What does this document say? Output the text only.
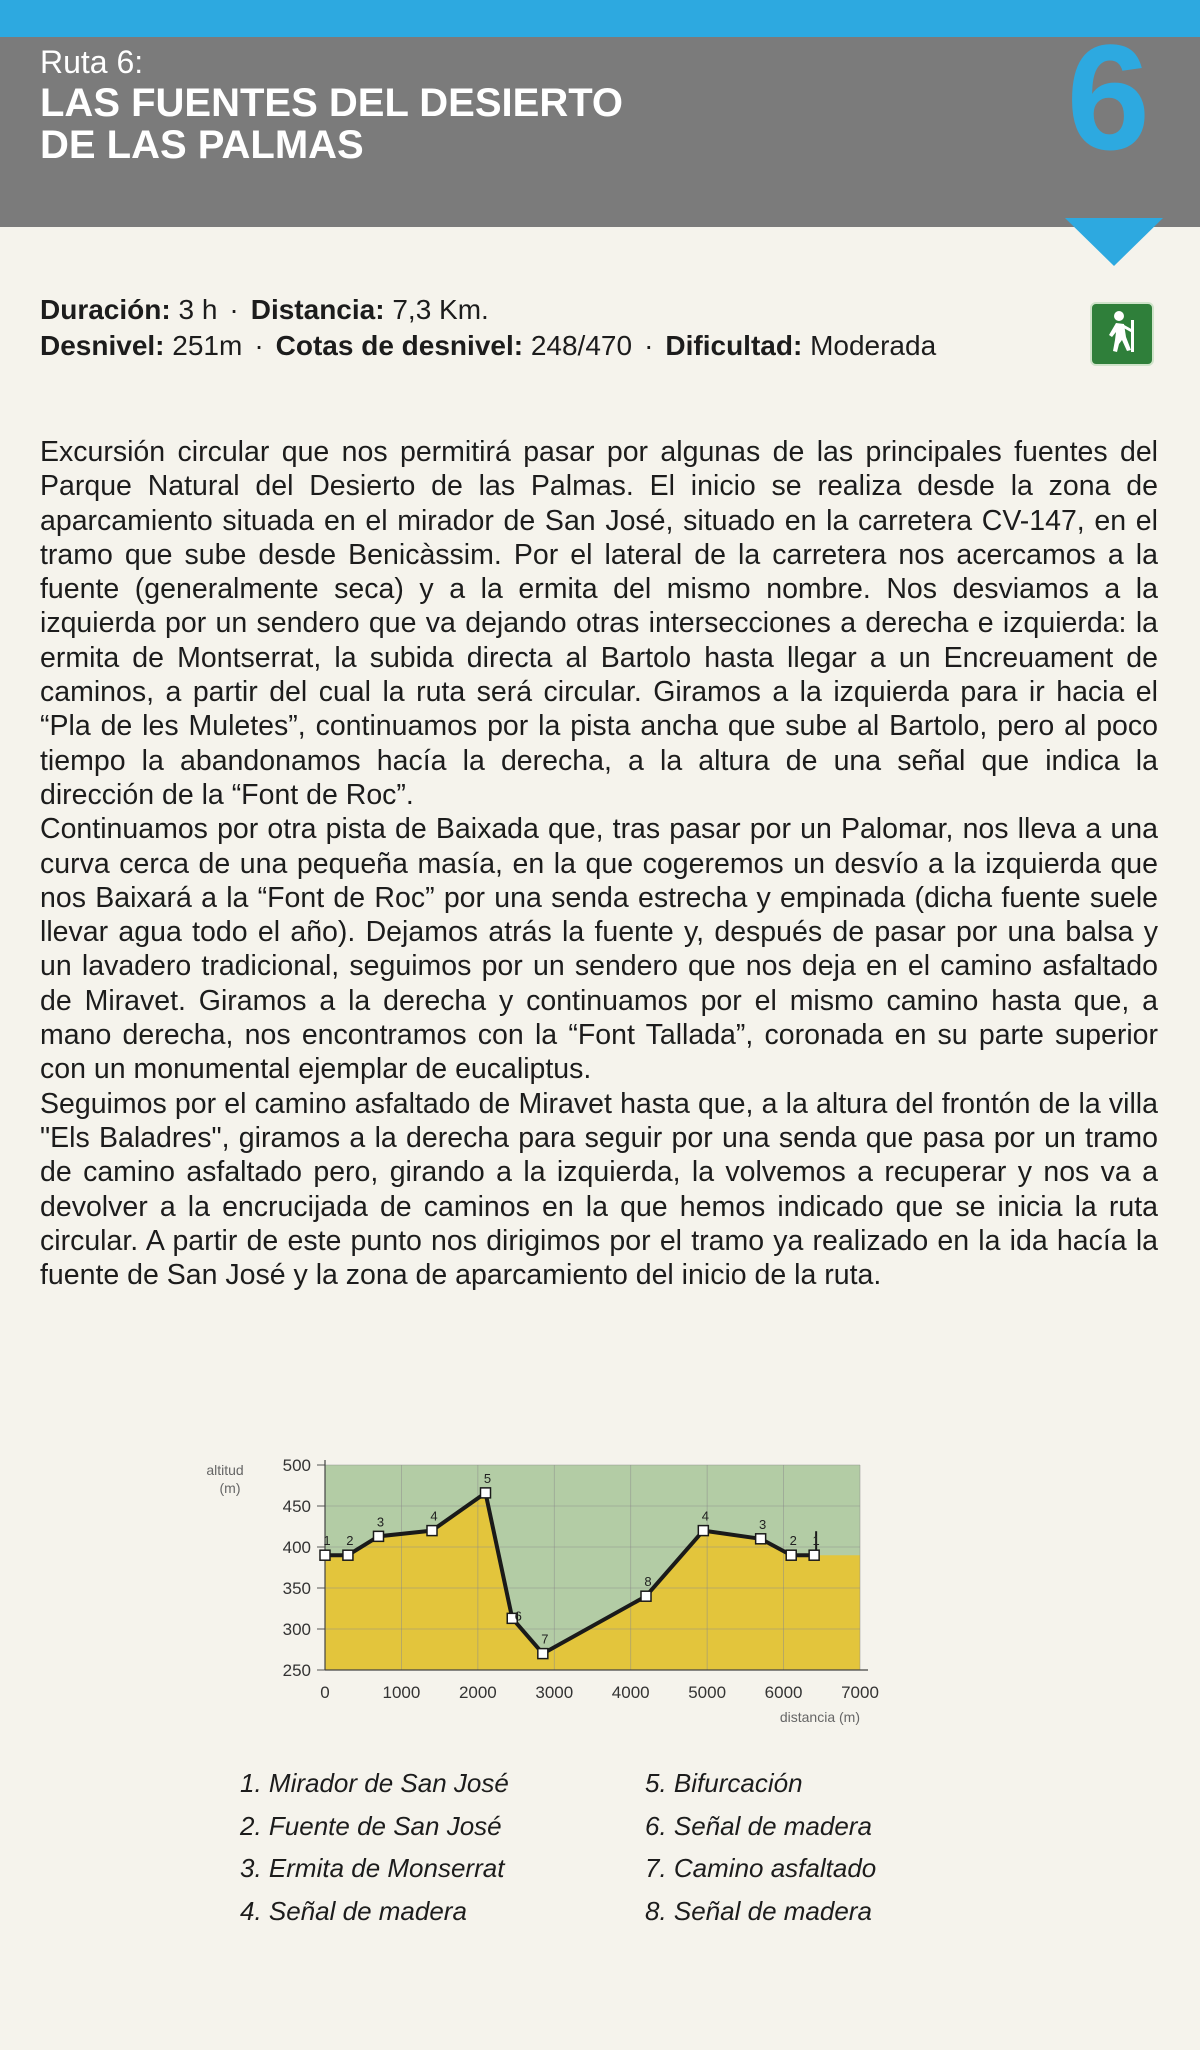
Ruta 6:
LAS FUENTES DEL DESIERTO
DE LAS PALMAS	6
Duración: 3 h · Distancia: 7,3 Km.
Desnivel: 251m · Cotas de desnivel: 248/470 · Dificultad: Moderada

Excursión circular que nos permitirá pasar por algunas de las principales fuentes del Parque Natural del Desierto de las Palmas. El inicio se realiza desde la zona de aparcamiento situada en el mirador de San José, situado en la carretera CV-147, en el tramo que sube desde Benicàssim. Por el lateral de la carretera nos acercamos a la fuente (generalmente seca) y a la ermita del mismo nombre. Nos desviamos a la izquierda por un sendero que va dejando otras intersecciones a derecha e izquierda: la ermita de Montserrat, la subida directa al Bartolo hasta llegar a un Encreuament de caminos, a partir del cual la ruta será circular. Giramos a la izquierda para ir hacia el “Pla de les Muletes”, continuamos por la pista ancha que sube al Bartolo, pero al poco tiempo la abandonamos hacía la derecha, a la altura de una señal que indica la dirección de la “Font de Roc”.

Continuamos por otra pista de Baixada que, tras pasar por un Palomar, nos lleva a una curva cerca de una pequeña masía, en la que cogeremos un desvío a la izquierda que nos Baixará a la “Font de Roc” por una senda estrecha y empinada (dicha fuente suele llevar agua todo el año). Dejamos atrás la fuente y, después de pasar por una balsa y un lavadero tradicional, seguimos por un sendero que nos deja en el camino asfaltado de Miravet. Giramos a la derecha y continuamos por el mismo camino hasta que, a mano derecha, nos encontramos con la “Font Tallada”, coronada en su parte superior con un monumental ejemplar de eucaliptus.

Seguimos por el camino asfaltado de Miravet hasta que, a la altura del frontón de la villa "Els Baladres", giramos a la derecha para seguir por una senda que pasa por un tramo de camino asfaltado pero, girando a la izquierda, la volvemos a recuperar y nos va a devolver a la encrucijada de caminos en la que hemos indicado que se inicia la ruta circular. A partir de este punto nos dirigimos por el tramo ya realizado en la ida hacía la fuente de San José y la zona de aparcamiento del inicio de la ruta.

0	1000 2000 3000 4000 5000 6000 7000
250
300
350
400
450
500
altitud
(m)
distancia (m)
1 2
3	4
5
6
7
8
4
3
2 1
1. Mirador de San José
2. Fuente de San José
3. Ermita de Monserrat
4. Señal de madera
5. Bifurcación
6. Señal de madera
7. Camino asfaltado
8. Señal de madera
